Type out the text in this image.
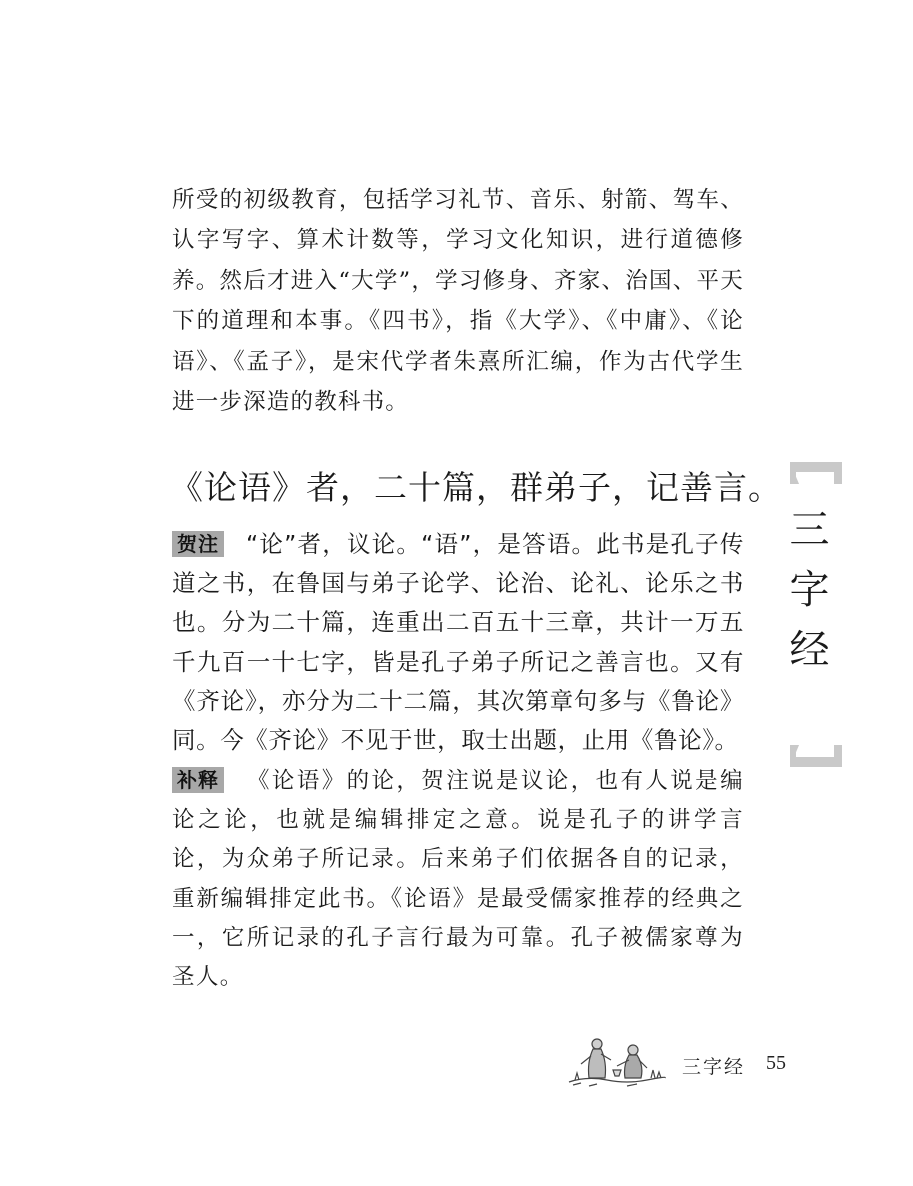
所受的初级教育，包括学习礼节、音乐、射箭、驾车、认字写字、算术计数等，学习文化知识，进行道德修养。然后才进入“大学”，学习修身、齐家、治国、平天下的道理和本事。《四书》，指《大学》、《中庸》、《论语》、《孟子》，是宋代学者朱熹所汇编，作为古代学生进一步深造的教科书。

《论语》者，二十篇，群弟子，记善言。

贺注 “论”者，议论。“语”，是答语。此书是孔子传道之书，在鲁国与弟子论学、论治、论礼、论乐之书也。分为二十篇，连重出二百五十三章，共计一万五千九百一十七字，皆是孔子弟子所记之善言也。又有《齐论》，亦分为二十二篇，其次第章句多与《鲁论》同。今《齐论》不见于世，取士出题，止用《鲁论》。

补释 《论语》的论，贺注说是议论，也有人说是编论之论，也就是编辑排定之意。说是孔子的讲学言论，为众弟子所记录。后来弟子们依据各自的记录，重新编辑排定此书。《论语》是最受儒家推荐的经典之一，它所记录的孔子言行最为可靠。孔子被儒家尊为圣人。

三字经
三字经 55
